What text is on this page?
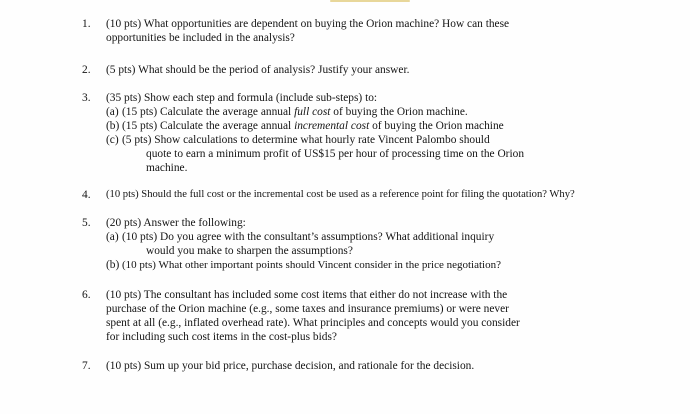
1. (10 pts) What opportunities are dependent on buying the Orion machine? How can these
opportunities be included in the analysis?
2. (5 pts) What should be the period of analysis? Justify your answer.
3. (35 pts) Show each step and formula (include sub-steps) to:
(a) (15 pts) Calculate the average annual full cost of buying the Orion machine.
(b) (15 pts) Calculate the average annual incremental cost of buying the Orion machine
(c) (5 pts) Show calculations to determine what hourly rate Vincent Palombo should
quote to earn a minimum profit of US$15 per hour of processing time on the Orion
machine.
4. (10 pts) Should the full cost or the incremental cost be used as a reference point for filing the quotation? Why?
5. (20 pts) Answer the following:
(a) (10 pts) Do you agree with the consultant’s assumptions? What additional inquiry
would you make to sharpen the assumptions?
(b) (10 pts) What other important points should Vincent consider in the price negotiation?
6. (10 pts) The consultant has included some cost items that either do not increase with the
purchase of the Orion machine (e.g., some taxes and insurance premiums) or were never
spent at all (e.g., inflated overhead rate). What principles and concepts would you consider
for including such cost items in the cost-plus bids?
7. (10 pts) Sum up your bid price, purchase decision, and rationale for the decision.
